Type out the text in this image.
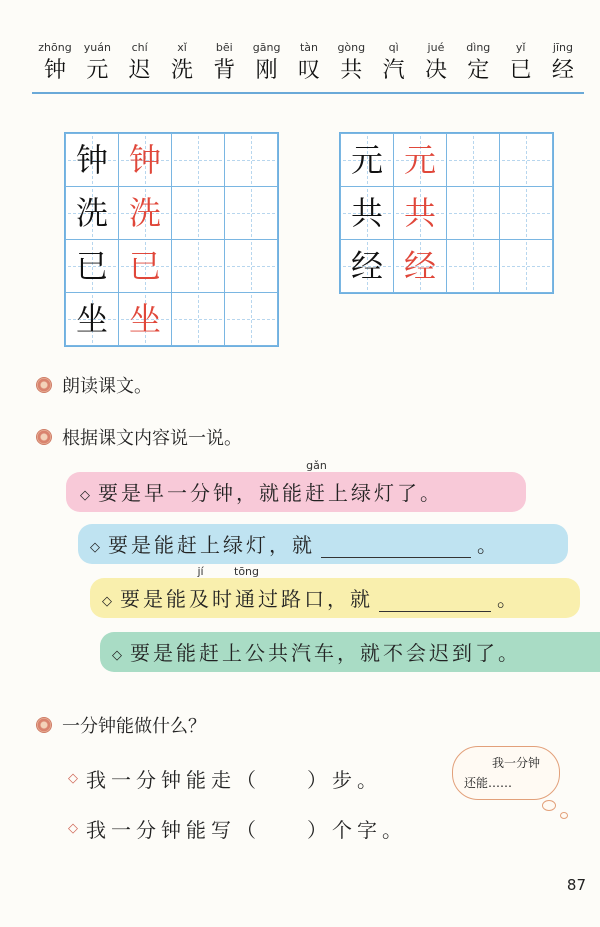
zhōng
钟
yuán
元
chí
迟
xǐ
洗
bēi
背
gāng
刚
tàn
叹
gòng
共
qì
汽
jué
决
dìng
定
yǐ
已
jīng
经
钟	钟		
洗	洗		
已	已		
坐	坐		
元	元		
共	共		
经	经		
朗读课文。
根据课文内容说一说。
◇ 要是早一分钟，就能
gǎn
赶 上绿灯了。
◇ 要是能赶上绿灯，就	。
◇ 要是能
jí
及 时
tōng
通 过路口，就	。
◇ 要是能赶上公共汽车，就不会迟到了。
一分钟能做什么？
◇ 我一分钟能走（ ）步。
◇ 我一分钟能写（ ）个字。
我一分钟
还能……
87
